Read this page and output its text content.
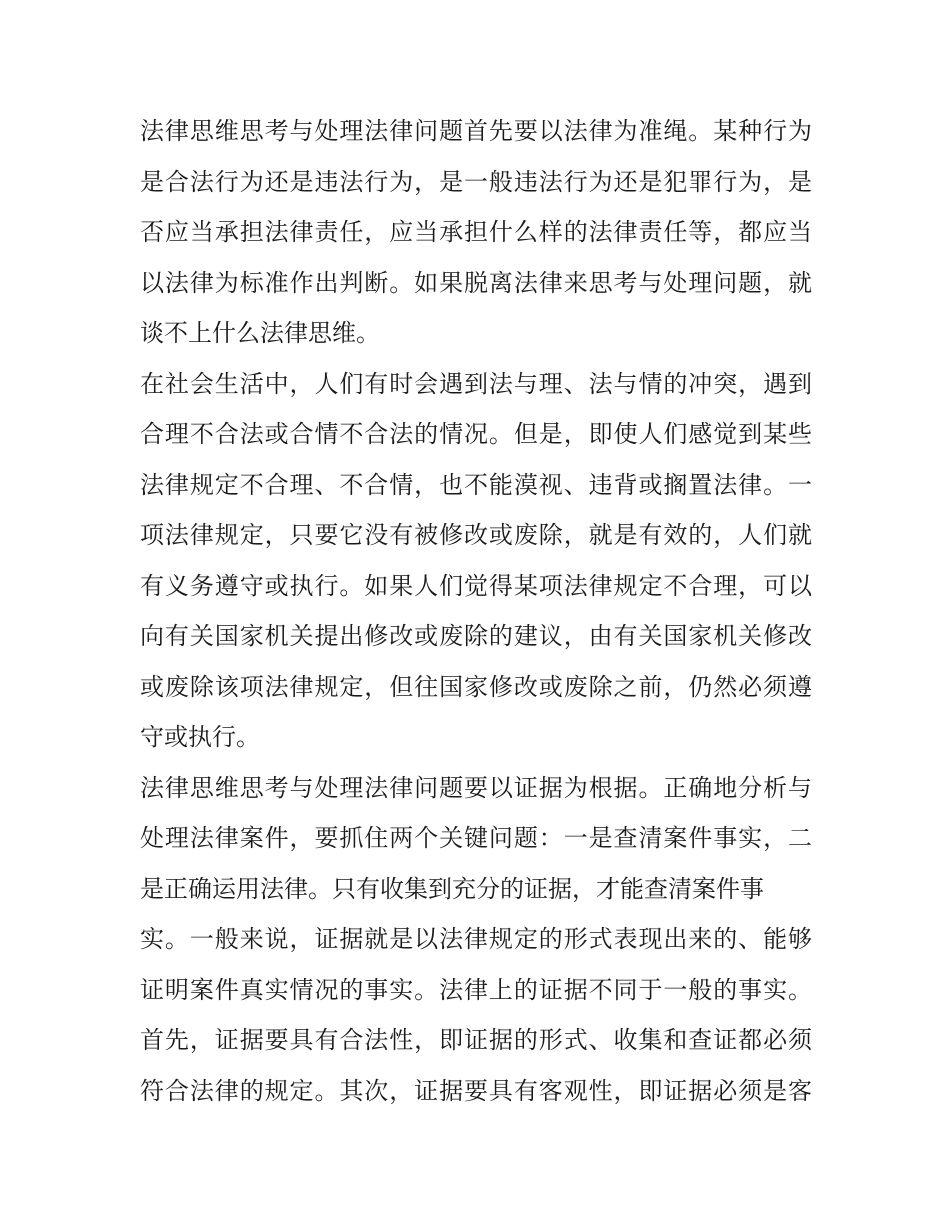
法律思维思考与处理法律问题首先要以法律为准绳。某种行为
是合法行为还是违法行为，是一般违法行为还是犯罪行为，是
否应当承担法律责任，应当承担什么样的法律责任等，都应当
以法律为标准作出判断。如果脱离法律来思考与处理问题，就
谈不上什么法律思维。
在社会生活中，人们有时会遇到法与理、法与情的冲突，遇到
合理不合法或合情不合法的情况。但是，即使人们感觉到某些
法律规定不合理、不合情，也不能漠视、违背或搁置法律。一
项法律规定，只要它没有被修改或废除，就是有效的，人们就
有义务遵守或执行。如果人们觉得某项法律规定不合理，可以
向有关国家机关提出修改或废除的建议，由有关国家机关修改
或废除该项法律规定，但往国家修改或废除之前，仍然必须遵
守或执行。
法律思维思考与处理法律问题要以证据为根据。正确地分析与
处理法律案件，要抓住两个关键问题：一是查清案件事实，二
是正确运用法律。只有收集到充分的证据，才能查清案件事
实。一般来说，证据就是以法律规定的形式表现出来的、能够
证明案件真实情况的事实。法律上的证据不同于一般的事实。
首先，证据要具有合法性，即证据的形式、收集和查证都必须
符合法律的规定。其次，证据要具有客观性，即证据必须是客
